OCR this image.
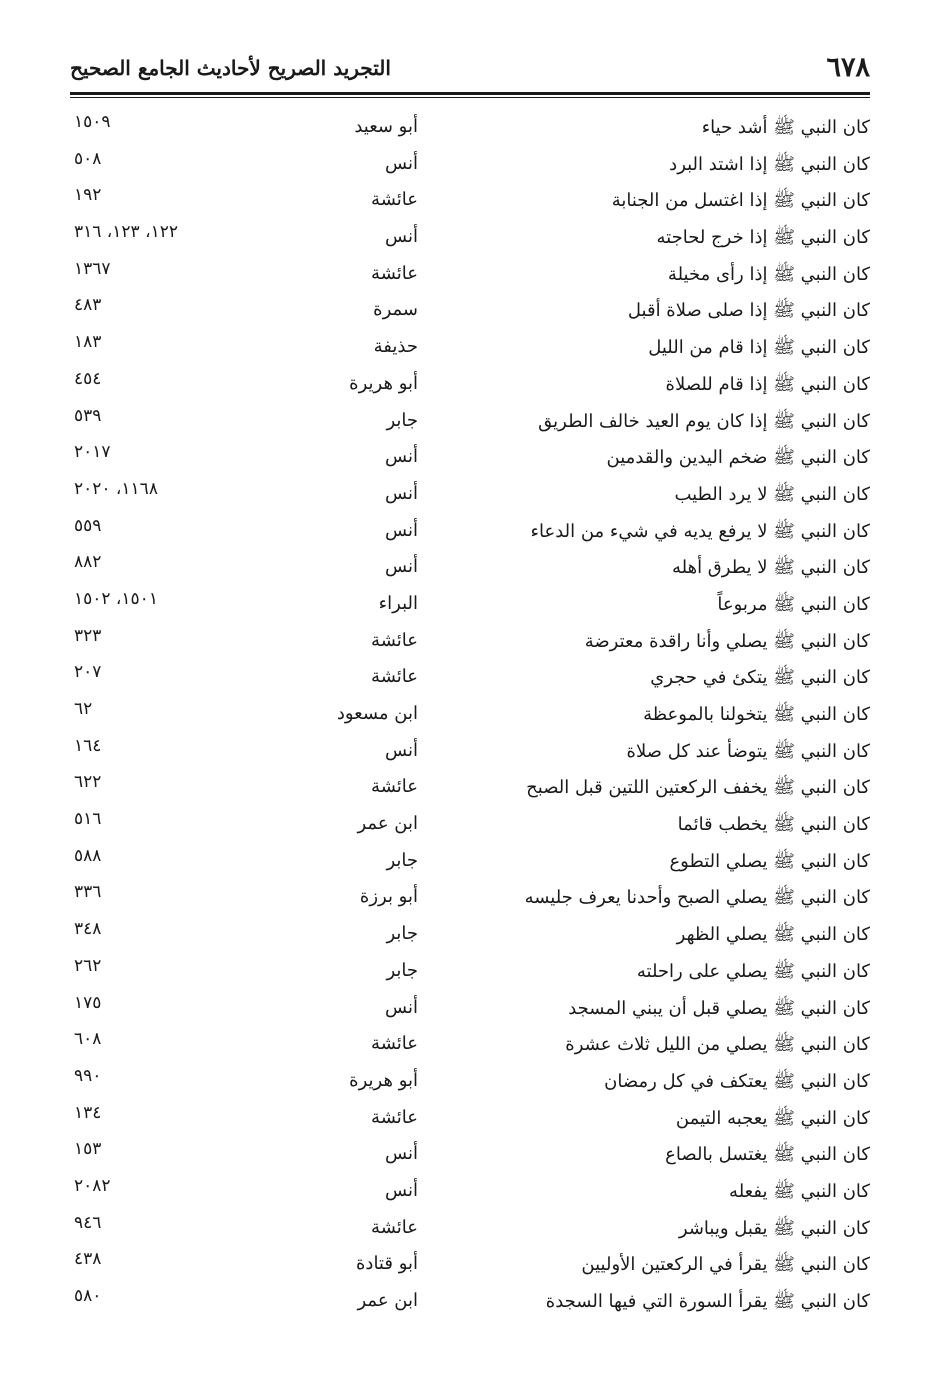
٦٧٨
التجريد الصريح لأحاديث الجامع الصحيح
كان النبي ﷺ أشد حياء
أبو سعيد
١٥٠٩
كان النبي ﷺ إذا اشتد البرد
أنس
٥٠٨
كان النبي ﷺ إذا اغتسل من الجنابة
عائشة
١٩٢
كان النبي ﷺ إذا خرج لحاجته
أنس
١٢٢، ١٢٣، ٣١٦
كان النبي ﷺ إذا رأى مخيلة
عائشة
١٣٦٧
كان النبي ﷺ إذا صلى صلاة أقبل
سمرة
٤٨٣
كان النبي ﷺ إذا قام من الليل
حذيفة
١٨٣
كان النبي ﷺ إذا قام للصلاة
أبو هريرة
٤٥٤
كان النبي ﷺ إذا كان يوم العيد خالف الطريق
جابر
٥٣٩
كان النبي ﷺ ضخم اليدين والقدمين
أنس
٢٠١٧
كان النبي ﷺ لا يرد الطيب
أنس
١١٦٨، ٢٠٢٠
كان النبي ﷺ لا يرفع يديه في شيء من الدعاء
أنس
٥٥٩
كان النبي ﷺ لا يطرق أهله
أنس
٨٨٢
كان النبي ﷺ مربوعاً
البراء
١٥٠١، ١٥٠٢
كان النبي ﷺ يصلي وأنا راقدة معترضة
عائشة
٣٢٣
كان النبي ﷺ يتكئ في حجري
عائشة
٢٠٧
كان النبي ﷺ يتخولنا بالموعظة
ابن مسعود
٦٢
كان النبي ﷺ يتوضأ عند كل صلاة
أنس
١٦٤
كان النبي ﷺ يخفف الركعتين اللتين قبل الصبح
عائشة
٦٢٢
كان النبي ﷺ يخطب قائما
ابن عمر
٥١٦
كان النبي ﷺ يصلي التطوع
جابر
٥٨٨
كان النبي ﷺ يصلي الصبح وأحدنا يعرف جليسه
أبو برزة
٣٣٦
كان النبي ﷺ يصلي الظهر
جابر
٣٤٨
كان النبي ﷺ يصلي على راحلته
جابر
٢٦٢
كان النبي ﷺ يصلي قبل أن يبني المسجد
أنس
١٧٥
كان النبي ﷺ يصلي من الليل ثلاث عشرة
عائشة
٦٠٨
كان النبي ﷺ يعتكف في كل رمضان
أبو هريرة
٩٩٠
كان النبي ﷺ يعجبه التيمن
عائشة
١٣٤
كان النبي ﷺ يغتسل بالصاع
أنس
١٥٣
كان النبي ﷺ يفعله
أنس
٢٠٨٢
كان النبي ﷺ يقبل ويباشر
عائشة
٩٤٦
كان النبي ﷺ يقرأ في الركعتين الأوليين
أبو قتادة
٤٣٨
كان النبي ﷺ يقرأ السورة التي فيها السجدة
ابن عمر
٥٨٠
